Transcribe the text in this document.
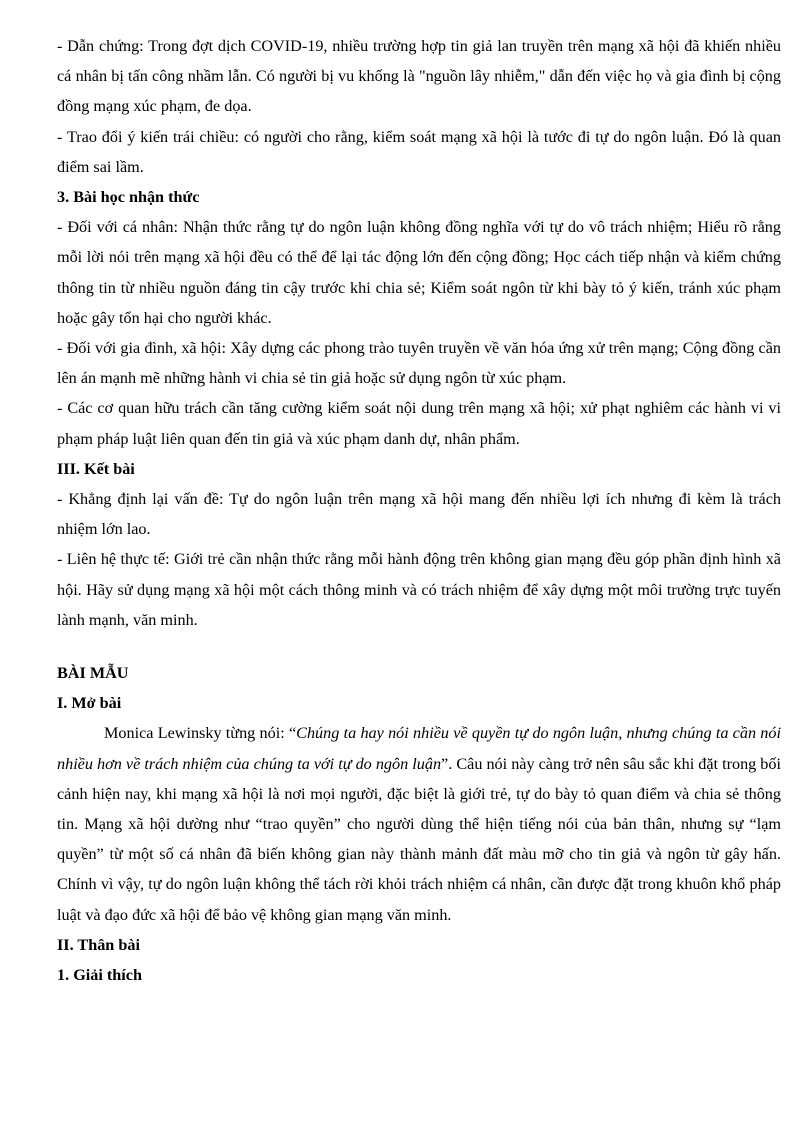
- Dẫn chứng: Trong đợt dịch COVID-19, nhiều trường hợp tin giả lan truyền trên mạng xã hội đã khiến nhiều cá nhân bị tấn công nhầm lẫn. Có người bị vu khống là "nguồn lây nhiễm," dẫn đến việc họ và gia đình bị cộng đồng mạng xúc phạm, đe dọa.

- Trao đổi ý kiến trái chiều: có người cho rằng, kiểm soát mạng xã hội là tước đi tự do ngôn luận. Đó là quan điểm sai lầm.

3. Bài học nhận thức

- Đối với cá nhân: Nhận thức rằng tự do ngôn luận không đồng nghĩa với tự do vô trách nhiệm; Hiểu rõ rằng mỗi lời nói trên mạng xã hội đều có thể để lại tác động lớn đến cộng đồng; Học cách tiếp nhận và kiểm chứng thông tin từ nhiều nguồn đáng tin cậy trước khi chia sẻ; Kiểm soát ngôn từ khi bày tỏ ý kiến, tránh xúc phạm hoặc gây tổn hại cho người khác.

- Đối với gia đình, xã hội: Xây dựng các phong trào tuyên truyền về văn hóa ứng xử trên mạng; Cộng đồng cần lên án mạnh mẽ những hành vi chia sẻ tin giả hoặc sử dụng ngôn từ xúc phạm.

- Các cơ quan hữu trách cần tăng cường kiểm soát nội dung trên mạng xã hội; xử phạt nghiêm các hành vi vi phạm pháp luật liên quan đến tin giả và xúc phạm danh dự, nhân phẩm.

III. Kết bài

- Khẳng định lại vấn đề: Tự do ngôn luận trên mạng xã hội mang đến nhiều lợi ích nhưng đi kèm là trách nhiệm lớn lao.

- Liên hệ thực tế: Giới trẻ cần nhận thức rằng mỗi hành động trên không gian mạng đều góp phần định hình xã hội. Hãy sử dụng mạng xã hội một cách thông minh và có trách nhiệm để xây dựng một môi trường trực tuyến lành mạnh, văn minh.

BÀI MẪU

I. Mở bài

Monica Lewinsky từng nói: “Chúng ta hay nói nhiều về quyền tự do ngôn luận, nhưng chúng ta cần nói nhiều hơn về trách nhiệm của chúng ta với tự do ngôn luận”. Câu nói này càng trở nên sâu sắc khi đặt trong bối cảnh hiện nay, khi mạng xã hội là nơi mọi người, đặc biệt là giới trẻ, tự do bày tỏ quan điểm và chia sẻ thông tin. Mạng xã hội dường như “trao quyền” cho người dùng thể hiện tiếng nói của bản thân, nhưng sự “lạm quyền” từ một số cá nhân đã biến không gian này thành mảnh đất màu mỡ cho tin giả và ngôn từ gây hấn. Chính vì vậy, tự do ngôn luận không thể tách rời khỏi trách nhiệm cá nhân, cần được đặt trong khuôn khổ pháp luật và đạo đức xã hội để bảo vệ không gian mạng văn minh.

II. Thân bài

1. Giải thích
